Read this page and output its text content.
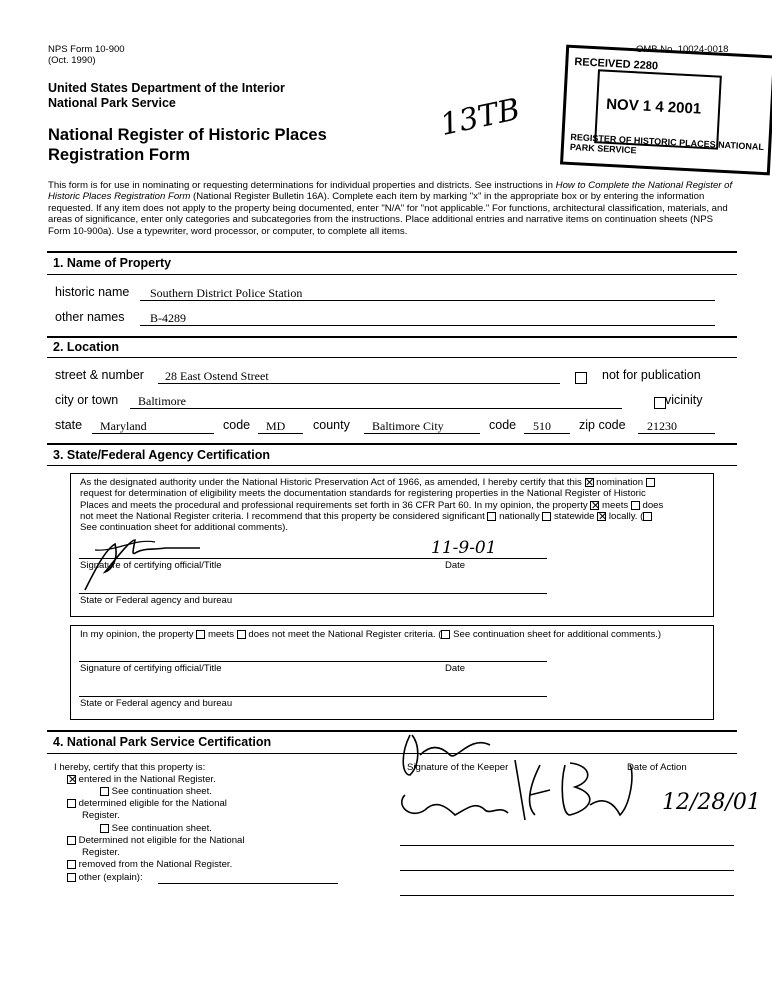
NPS Form 10-900
(Oct. 1990)
OMB No. 10024-0018
United States Department of the Interior
National Park Service
National Register of Historic Places
Registration Form
13TB
RECEIVED 2280
NOV 1 4 2001
REGISTER OF HISTORIC PLACES NATIONAL PARK SERVICE
This form is for use in nominating or requesting determinations for individual properties and districts. See instructions in How to Complete the National Register of Historic Places Registration Form (National Register Bulletin 16A). Complete each item by marking "x" in the appropriate box or by entering the information requested. If any item does not apply to the property being documented, enter "N/A" for "not applicable." For functions, architectural classification, materials, and areas of significance, enter only categories and subcategories from the instructions. Place additional entries and narrative items on continuation sheets (NPS Form 10-900a). Use a typewriter, word processor, or computer, to complete all items.
1. Name of Property
historic name Southern District Police Station
other names B-4289
2. Location
street & number 28 East Ostend Street
	not for publication
city or town Baltimore	vicinity
state Maryland	code MD county Baltimore City	code 510 zip code 21230
3. State/Federal Agency Certification
As the designated authority under the National Historic Preservation Act of 1966, as amended, I hereby certify that this nomination
request for determination of eligibility meets the documentation standards for registering properties in the National Register of Historic
Places and meets the procedural and professional requirements set forth in 36 CFR Part 60. In my opinion, the property meets does
not meet the National Register criteria. I recommend that this property be considered significant nationally statewide locally. (
See continuation sheet for additional comments).
Signature of certifying official/Title
11-9-01
Date
State or Federal agency and bureau
In my opinion, the property meets does not meet the National Register criteria. ( See continuation sheet for additional comments.)
Signature of certifying official/Title	Date
State or Federal agency and bureau
4. National Park Service Certification
I hereby, certify that this property is:
entered in the National Register.
See continuation sheet.
determined eligible for the National
Register.
See continuation sheet.
Determined not eligible for the National
Register.
removed from the National Register.
other (explain):
Signature of the Keeper	Date of Action
12/28/01
